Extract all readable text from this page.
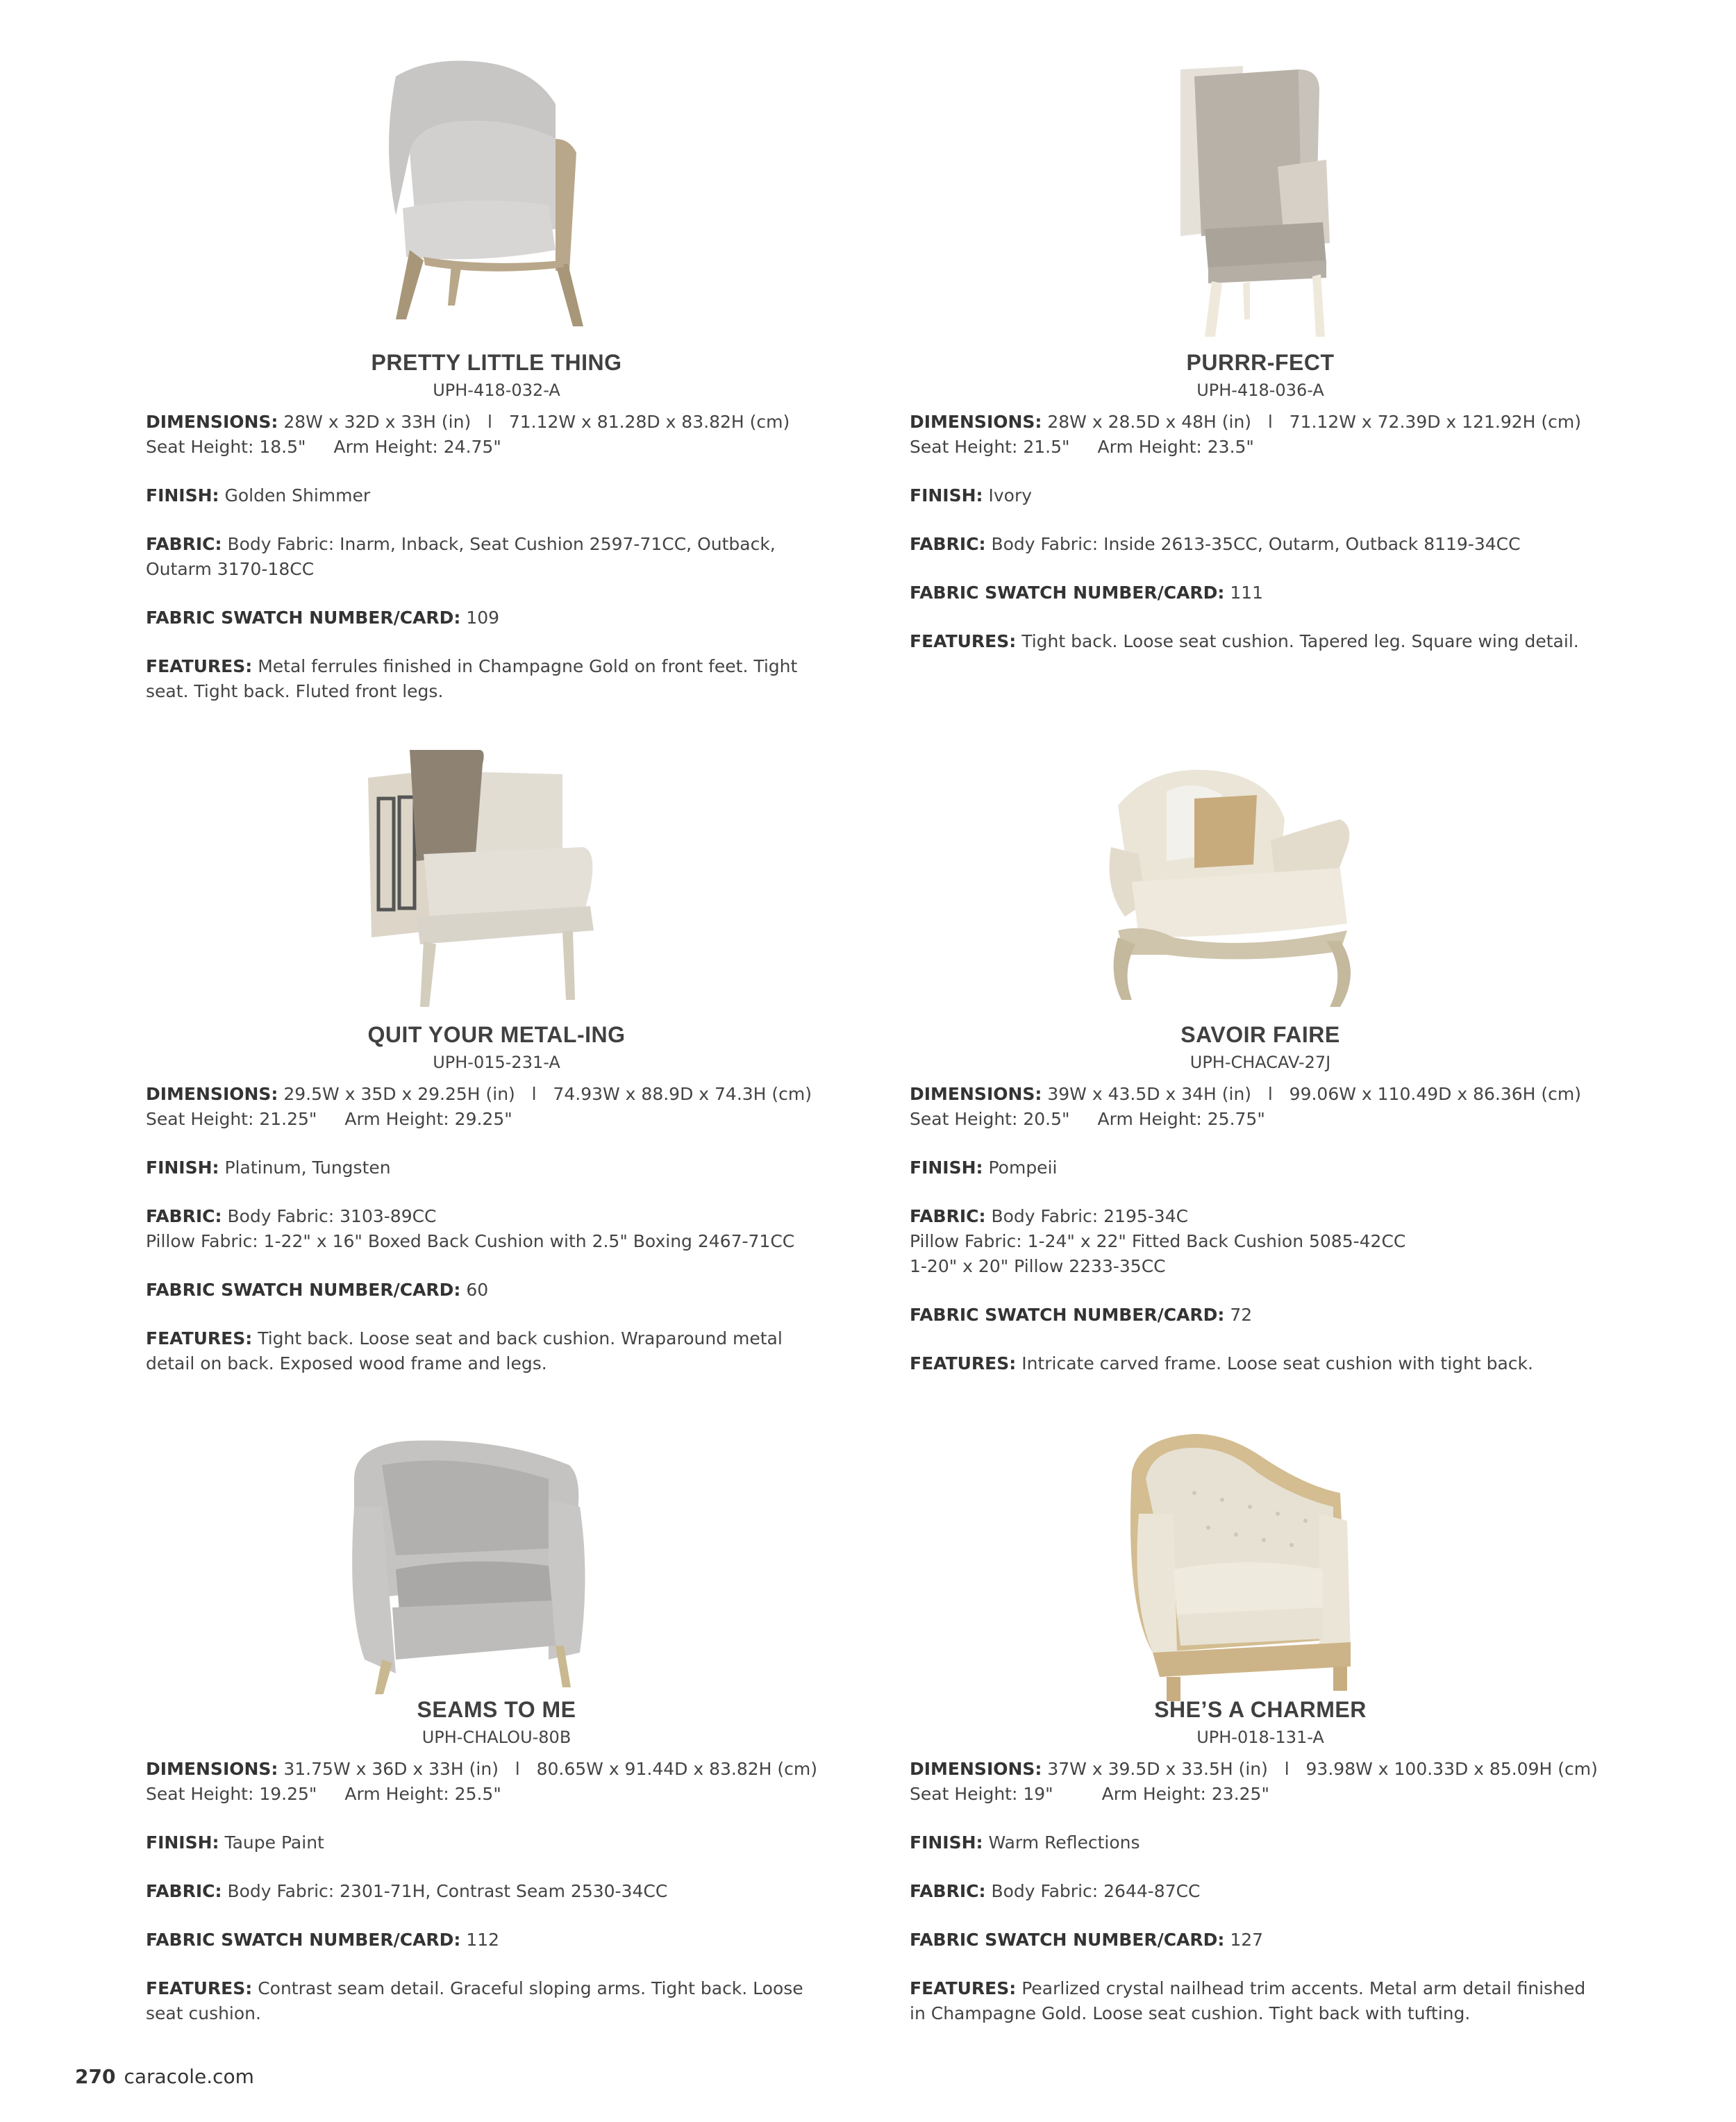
PRETTY LITTLE THING
UPH-418-032-A

DIMENSIONS: 28W x 32D x 33H (in)   l   71.12W x 81.28D x 83.82H (cm)
Seat Height: 18.5" Arm Height: 24.75"

FINISH: Golden Shimmer

FABRIC: Body Fabric: Inarm, Inback, Seat Cushion 2597-71CC, Outback, Outarm 3170-18CC

FABRIC SWATCH NUMBER/CARD: 109

FEATURES: Metal ferrules finished in Champagne Gold on front feet. Tight seat. Tight back. Fluted front legs.

PURRR-FECT
UPH-418-036-A

DIMENSIONS: 28W x 28.5D x 48H (in)   l   71.12W x 72.39D x 121.92H (cm)
Seat Height: 21.5" Arm Height: 23.5"

FINISH: Ivory

FABRIC: Body Fabric: Inside 2613-35CC, Outarm, Outback 8119-34CC

FABRIC SWATCH NUMBER/CARD: 111

FEATURES: Tight back. Loose seat cushion. Tapered leg. Square wing detail.

QUIT YOUR METAL-ING
UPH-015-231-A

DIMENSIONS: 29.5W x 35D x 29.25H (in)   l   74.93W x 88.9D x 74.3H (cm)
Seat Height: 21.25" Arm Height: 29.25"

FINISH: Platinum, Tungsten

FABRIC: Body Fabric: 3103-89CC
Pillow Fabric: 1-22" x 16" Boxed Back Cushion with 2.5" Boxing 2467-71CC

FABRIC SWATCH NUMBER/CARD: 60

FEATURES: Tight back. Loose seat and back cushion. Wraparound metal detail on back. Exposed wood frame and legs.

SAVOIR FAIRE
UPH-CHACAV-27J

DIMENSIONS: 39W x 43.5D x 34H (in)   l   99.06W x 110.49D x 86.36H (cm)
Seat Height: 20.5" Arm Height: 25.75"

FINISH: Pompeii

FABRIC: Body Fabric: 2195-34C
Pillow Fabric: 1-24" x 22" Fitted Back Cushion 5085-42CC
1-20" x 20" Pillow 2233-35CC

FABRIC SWATCH NUMBER/CARD: 72

FEATURES: Intricate carved frame. Loose seat cushion with tight back.

SEAMS TO ME
UPH-CHALOU-80B

DIMENSIONS: 31.75W x 36D x 33H (in)   l   80.65W x 91.44D x 83.82H (cm)
Seat Height: 19.25" Arm Height: 25.5"

FINISH: Taupe Paint

FABRIC: Body Fabric: 2301-71H, Contrast Seam 2530-34CC

FABRIC SWATCH NUMBER/CARD: 112

FEATURES: Contrast seam detail. Graceful sloping arms. Tight back. Loose seat cushion.

SHE’S A CHARMER
UPH-018-131-A

DIMENSIONS: 37W x 39.5D x 33.5H (in)   l   93.98W x 100.33D x 85.09H (cm)
Seat Height: 19"	Arm Height: 23.25"

FINISH: Warm Reflections

FABRIC: Body Fabric: 2644-87CC

FABRIC SWATCH NUMBER/CARD: 127

FEATURES: Pearlized crystal nailhead trim accents. Metal arm detail finished in Champagne Gold. Loose seat cushion. Tight back with tufting.

270 caracole.com
